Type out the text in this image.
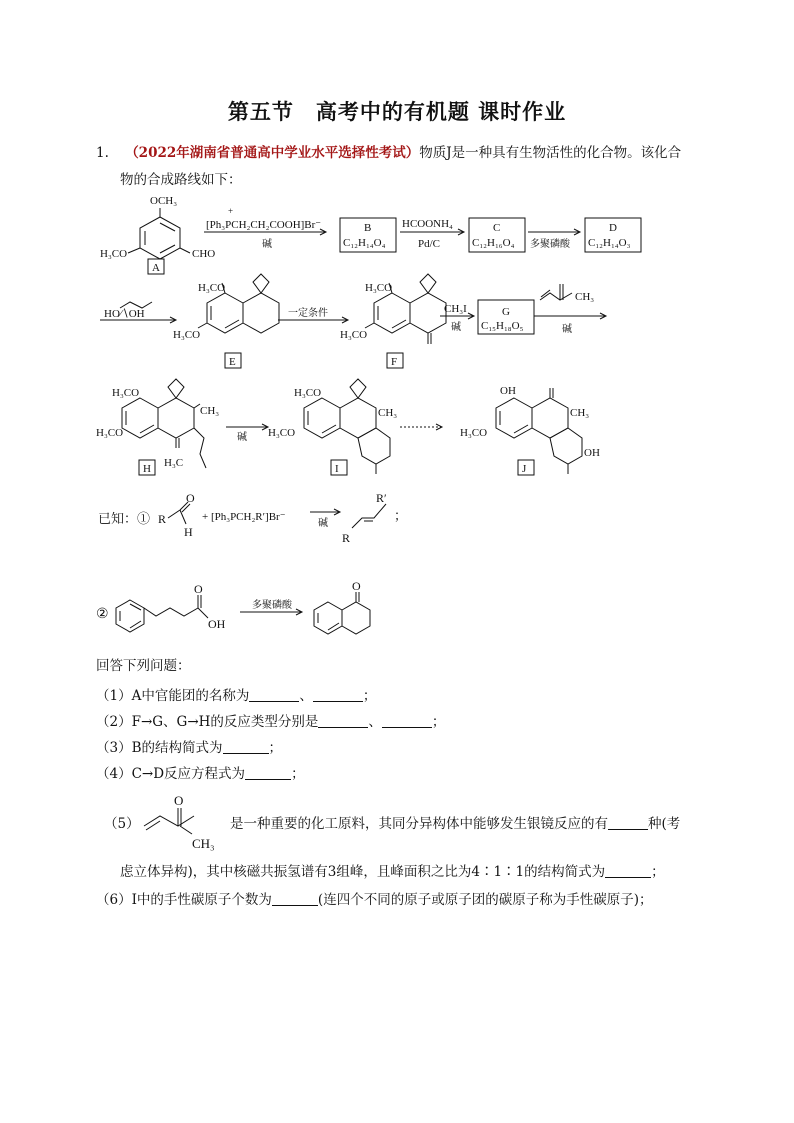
第五节　高考中的有机题 课时作业
1. （2022年湖南省普通高中学业水平选择性考试）物质J是一种具有生物活性的化合物。该化合
物的合成路线如下：
OCH₃
H₃CO	CHO
A
+
[Ph₃PCH₂CH₂COOH]Br⁻
碱
B
C₁₂H₁₄O₄
HCOONH₄
Pd/C
C
C₁₂H₁₆O₄ 多聚磷酸
D
C₁₂H₁₄O₃
HO∕∖OH
H₃CO
H₃CO
E
一定条件
H₃CO
H₃CO
F
CH₃I
碱
G
C₁₅H₁₈O₅
CH₃
碱
H₃CO
H₃CO
CH₃
H₃C
H
碱
H₃CO
H₃CO
CH₃
I
OH
H₃CO
CH₃
OH
J
已知：① R
O
H
+ [Ph₃PCH₂R′]Br⁻
碱
R′
R
；
②
O
OH
多聚磷酸
O
回答下列问题：
（1）A中官能团的名称为	、	；
（2）F→G、G→H的反应类型分别是	、	；
（3）B的结构简式为	；
（4）C→D反应方程式为	；
（5）
O
CH₃
是一种重要的化工原料，其同分异构体中能够发生银镜反应的有	种(考
虑立体异构)，其中核磁共振氢谱有3组峰，且峰面积之比为4∶1∶1的结构简式为	；
（6）Ⅰ中的手性碳原子个数为	(连四个不同的原子或原子团的碳原子称为手性碳原子)；
